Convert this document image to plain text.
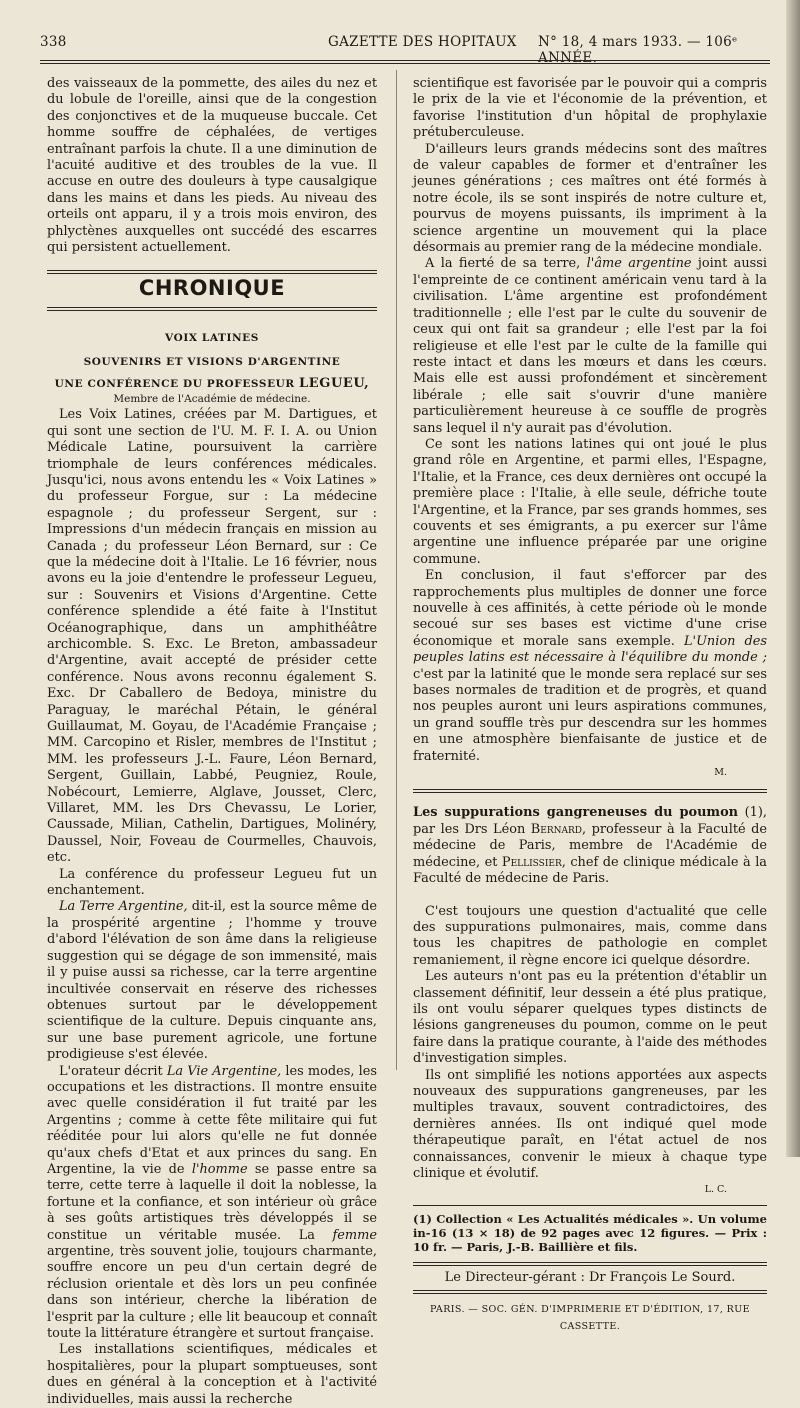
338	GAZETTE DES HOPITAUX N° 18, 4 mars 1933. — 106ᵉ ANNÉE.

des vaisseaux de la pommette, des ailes du nez et du lobule de l'oreille, ainsi que de la congestion des conjonctives et de la muqueuse buccale. Cet homme souffre de céphalées, de vertiges entraînant parfois la chute. Il a une diminution de l'acuité auditive et des troubles de la vue. Il accuse en outre des douleurs à type causalgique dans les mains et dans les pieds. Au niveau des orteils ont apparu, il y a trois mois environ, des phlyctènes auxquelles ont succédé des escarres qui persistent actuellement.

CHRONIQUE

VOIX LATINES

SOUVENIRS ET VISIONS D'ARGENTINE

UNE CONFÉRENCE DU PROFESSEUR LEGUEU,

Membre de l'Académie de médecine.

Les Voix Latines, créées par M. Dartigues, et qui sont une section de l'U. M. F. I. A. ou Union Médicale Latine, poursuivent la carrière triomphale de leurs conférences médicales. Jusqu'ici, nous avons entendu les « Voix Latines » du professeur Forgue, sur : La médecine espagnole ; du professeur Sergent, sur : Impressions d'un médecin français en mission au Canada ; du professeur Léon Bernard, sur : Ce que la médecine doit à l'Italie. Le 16 février, nous avons eu la joie d'entendre le professeur Legueu, sur : Souvenirs et Visions d'Argentine. Cette conférence splendide a été faite à l'Institut Océanographique, dans un amphithéâtre archicomble. S. Exc. Le Breton, ambassadeur d'Argentine, avait accepté de présider cette conférence. Nous avons reconnu également S. Exc. Dr Caballero de Bedoya, ministre du Paraguay, le maréchal Pétain, le général Guillaumat, M. Goyau, de l'Académie Française ; MM. Carcopino et Risler, membres de l'Institut ; MM. les professeurs J.-L. Faure, Léon Bernard, Sergent, Guillain, Labbé, Peugniez, Roule, Nobécourt, Lemierre, Alglave, Jousset, Clerc, Villaret, MM. les Drs Chevassu, Le Lorier, Caussade, Milian, Cathelin, Dartigues, Molinéry, Daussel, Noir, Foveau de Courmelles, Chauvois, etc.

La conférence du professeur Legueu fut un enchantement.

La Terre Argentine, dit-il, est la source même de la prospérité argentine ; l'homme y trouve d'abord l'élévation de son âme dans la religieuse suggestion qui se dégage de son immensité, mais il y puise aussi sa richesse, car la terre argentine incultivée conservait en réserve des richesses obtenues surtout par le développement scientifique de la culture. Depuis cinquante ans, sur une base purement agricole, une fortune prodigieuse s'est élevée.

L'orateur décrit La Vie Argentine, les modes, les occupations et les distractions. Il montre ensuite avec quelle considération il fut traité par les Argentins ; comme à cette fête militaire qui fut rééditée pour lui alors qu'elle ne fut donnée qu'aux chefs d'Etat et aux princes du sang. En Argentine, la vie de l'homme se passe entre sa terre, cette terre à laquelle il doit la noblesse, la fortune et la confiance, et son intérieur où grâce à ses goûts artistiques très développés il se constitue un véritable musée. La femme argentine, très souvent jolie, toujours charmante, souffre encore un peu d'un certain degré de réclusion orientale et dès lors un peu confinée dans son intérieur, cherche la libération de l'esprit par la culture ; elle lit beaucoup et connaît toute la littérature étrangère et surtout française.

Les installations scientifiques, médicales et hospitalières, pour la plupart somptueuses, sont dues en général à la conception et à l'activité individuelles, mais aussi la recherche

scientifique est favorisée par le pouvoir qui a compris le prix de la vie et l'économie de la prévention, et favorise l'institution d'un hôpital de prophylaxie prétuberculeuse.

D'ailleurs leurs grands médecins sont des maîtres de valeur capables de former et d'entraîner les jeunes générations ; ces maîtres ont été formés à notre école, ils se sont inspirés de notre culture et, pourvus de moyens puissants, ils impriment à la science argentine un mouvement qui la place désormais au premier rang de la médecine mondiale.

A la fierté de sa terre, l'âme argentine joint aussi l'empreinte de ce continent américain venu tard à la civilisation. L'âme argentine est profondément traditionnelle ; elle l'est par le culte du souvenir de ceux qui ont fait sa grandeur ; elle l'est par la foi religieuse et elle l'est par le culte de la famille qui reste intact et dans les mœurs et dans les cœurs. Mais elle est aussi profondément et sincèrement libérale ; elle sait s'ouvrir d'une manière particulièrement heureuse à ce souffle de progrès sans lequel il n'y aurait pas d'évolution.

Ce sont les nations latines qui ont joué le plus grand rôle en Argentine, et parmi elles, l'Espagne, l'Italie, et la France, ces deux dernières ont occupé la première place : l'Italie, à elle seule, défriche toute l'Argentine, et la France, par ses grands hommes, ses couvents et ses émigrants, a pu exercer sur l'âme argentine une influence préparée par une origine commune.

En conclusion, il faut s'efforcer par des rapprochements plus multiples de donner une force nouvelle à ces affinités, à cette période où le monde secoué sur ses bases est victime d'une crise économique et morale sans exemple. L'Union des peuples latins est nécessaire à l'équilibre du monde ; c'est par la latinité que le monde sera replacé sur ses bases normales de tradition et de progrès, et quand nos peuples auront uni leurs aspirations communes, un grand souffle très pur descendra sur les hommes en une atmosphère bienfaisante de justice et de fraternité.

M.

Les suppurations gangreneuses du poumon (1), par les Drs Léon Bernard, professeur à la Faculté de médecine de Paris, membre de l'Académie de médecine, et Pellissier, chef de clinique médicale à la Faculté de médecine de Paris.

C'est toujours une question d'actualité que celle des suppurations pulmonaires, mais, comme dans tous les chapitres de pathologie en complet remaniement, il règne encore ici quelque désordre.

Les auteurs n'ont pas eu la prétention d'établir un classement définitif, leur dessein a été plus pratique, ils ont voulu séparer quelques types distincts de lésions gangreneuses du poumon, comme on le peut faire dans la pratique courante, à l'aide des méthodes d'investigation simples.

Ils ont simplifié les notions apportées aux aspects nouveaux des suppurations gangreneuses, par les multiples travaux, souvent contradictoires, des dernières années. Ils ont indiqué quel mode thérapeutique paraît, en l'état actuel de nos connaissances, convenir le mieux à chaque type clinique et évolutif.

L. C.

(1) Collection « Les Actualités médicales ». Un volume in-16 (13 × 18) de 92 pages avec 12 figures. — Prix : 10 fr. — Paris, J.-B. Baillière et fils.

Le Directeur-gérant : Dr François Le Sourd.

PARIS. — SOC. GÉN. D'IMPRIMERIE ET D'ÉDITION, 17, RUE CASSETTE.
